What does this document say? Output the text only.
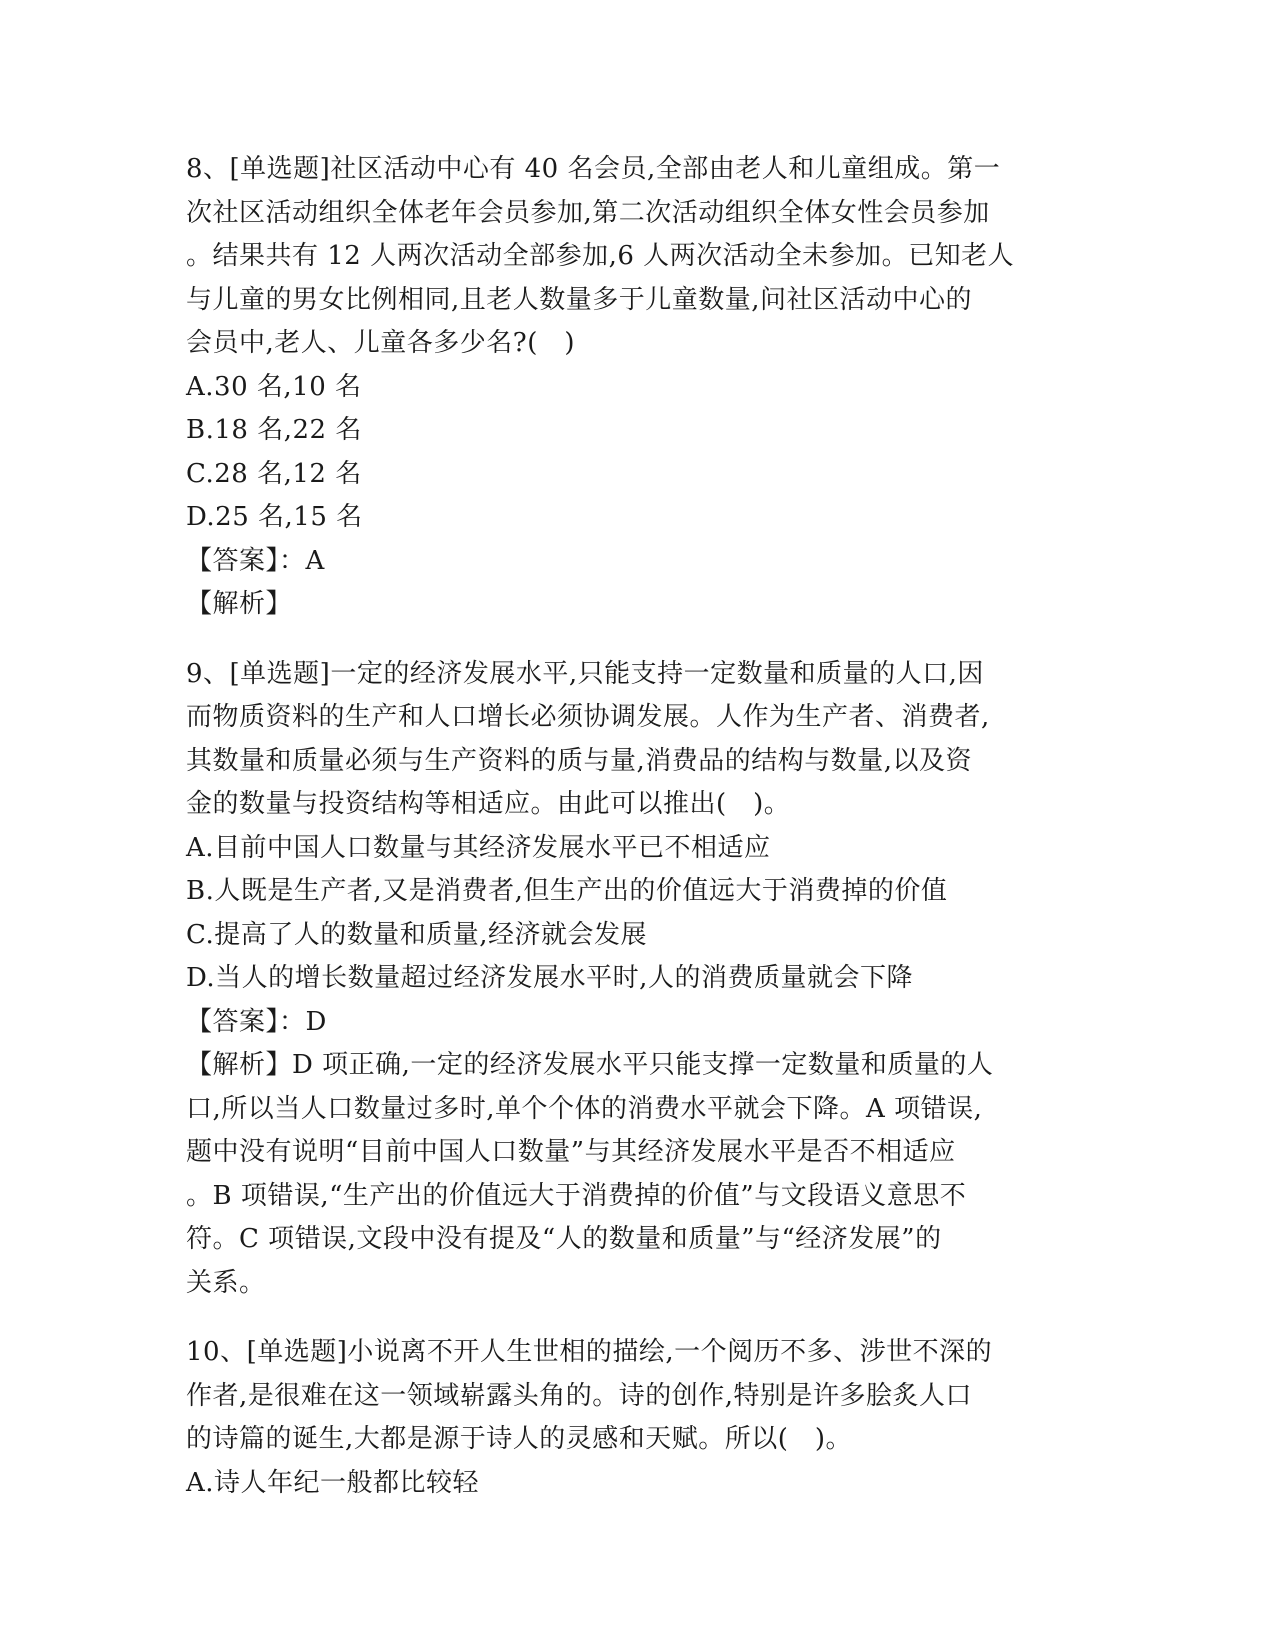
8、[单选题]社区活动中心有 40 名会员,全部由老人和儿童组成。第一
次社区活动组织全体老年会员参加,第二次活动组织全体女性会员参加
。结果共有 12 人两次活动全部参加,6 人两次活动全未参加。已知老人
与儿童的男女比例相同,且老人数量多于儿童数量,问社区活动中心的
会员中,老人、儿童各多少名?(　)
A.30 名,10 名
B.18 名,22 名
C.28 名,12 名
D.25 名,15 名
【答案】：A
【解析】
9、[单选题]一定的经济发展水平,只能支持一定数量和质量的人口,因
而物质资料的生产和人口增长必须协调发展。人作为生产者、消费者,
其数量和质量必须与生产资料的质与量,消费品的结构与数量,以及资
金的数量与投资结构等相适应。由此可以推出(　)。
A.目前中国人口数量与其经济发展水平已不相适应
B.人既是生产者,又是消费者,但生产出的价值远大于消费掉的价值
C.提高了人的数量和质量,经济就会发展
D.当人的增长数量超过经济发展水平时,人的消费质量就会下降
【答案】：D
【解析】D 项正确,一定的经济发展水平只能支撑一定数量和质量的人
口,所以当人口数量过多时,单个个体的消费水平就会下降。A 项错误,
题中没有说明“目前中国人口数量”与其经济发展水平是否不相适应
。B 项错误,“生产出的价值远大于消费掉的价值”与文段语义意思不
符。C 项错误,文段中没有提及“人的数量和质量”与“经济发展”的
关系。
10、[单选题]小说离不开人生世相的描绘,一个阅历不多、涉世不深的
作者,是很难在这一领域崭露头角的。诗的创作,特别是许多脍炙人口
的诗篇的诞生,大都是源于诗人的灵感和天赋。所以(　)。
A.诗人年纪一般都比较轻
